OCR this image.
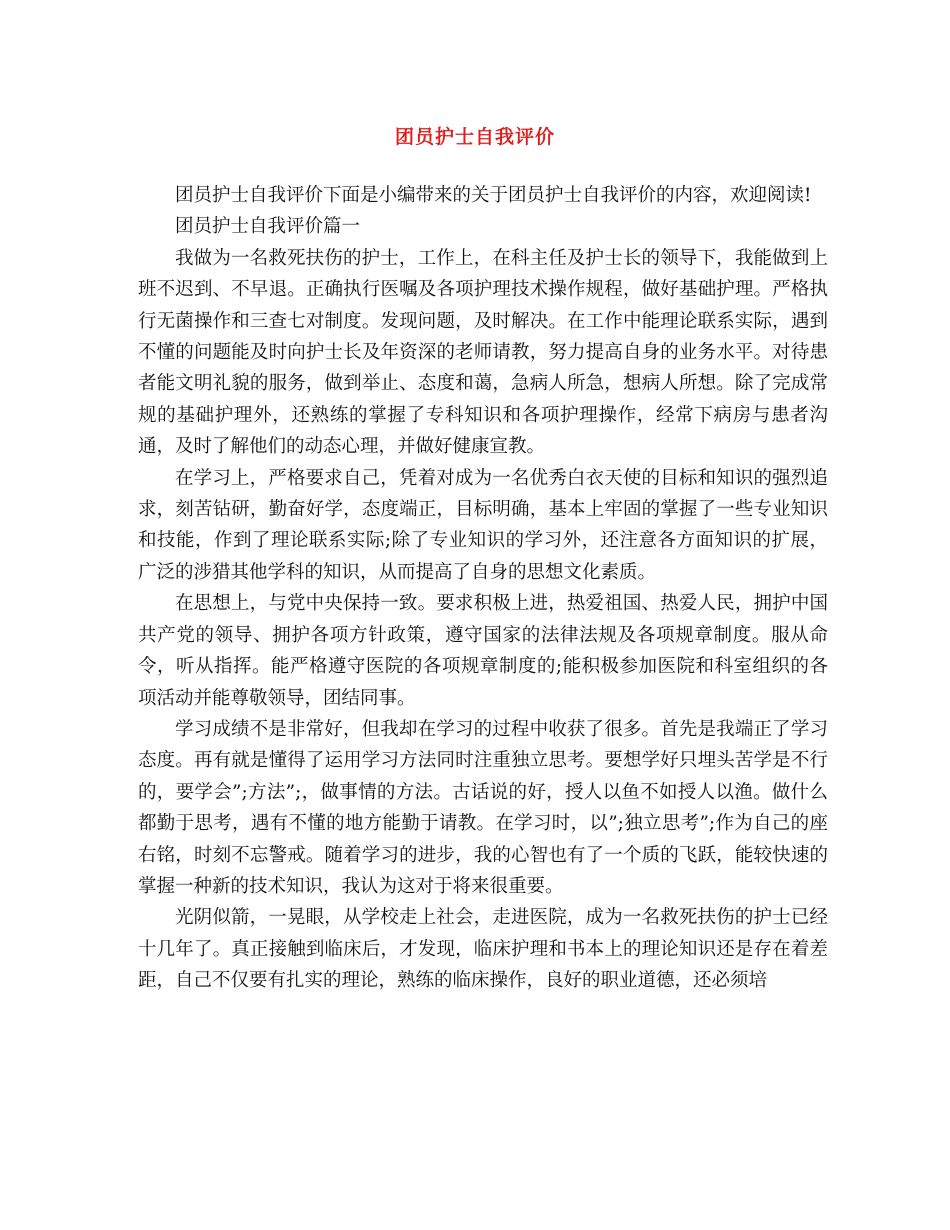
团员护士自我评价

团员护士自我评价下面是小编带来的关于团员护士自我评价的内容，欢迎阅读!

团员护士自我评价篇一

我做为一名救死扶伤的护士，工作上，在科主任及护士长的领导下，我能做到上班不迟到、不早退。正确执行医嘱及各项护理技术操作规程，做好基础护理。严格执行无菌操作和三查七对制度。发现问题，及时解决。在工作中能理论联系实际，遇到不懂的问题能及时向护士长及年资深的老师请教，努力提高自身的业务水平。对待患者能文明礼貌的服务，做到举止、态度和蔼，急病人所急，想病人所想。除了完成常规的基础护理外，还熟练的掌握了专科知识和各项护理操作，经常下病房与患者沟通，及时了解他们的动态心理，并做好健康宣教。

在学习上，严格要求自己，凭着对成为一名优秀白衣天使的目标和知识的强烈追求，刻苦钻研，勤奋好学，态度端正，目标明确，基本上牢固的掌握了一些专业知识和技能，作到了理论联系实际;除了专业知识的学习外，还注意各方面知识的扩展，广泛的涉猎其他学科的知识，从而提高了自身的思想文化素质。

在思想上，与党中央保持一致。要求积极上进，热爱祖国、热爱人民，拥护中国共产党的领导、拥护各项方针政策，遵守国家的法律法规及各项规章制度。服从命令，听从指挥。能严格遵守医院的各项规章制度的;能积极参加医院和科室组织的各项活动并能尊敬领导，团结同事。

学习成绩不是非常好，但我却在学习的过程中收获了很多。首先是我端正了学习态度。再有就是懂得了运用学习方法同时注重独立思考。要想学好只埋头苦学是不行的，要学会”;方法”;，做事情的方法。古话说的好，授人以鱼不如授人以渔。做什么都勤于思考，遇有不懂的地方能勤于请教。在学习时，以”;独立思考”;作为自己的座右铭，时刻不忘警戒。随着学习的进步，我的心智也有了一个质的飞跃，能较快速的掌握一种新的技术知识，我认为这对于将来很重要。

光阴似箭，一晃眼，从学校走上社会，走进医院，成为一名救死扶伤的护士已经十几年了。真正接触到临床后，才发现，临床护理和书本上的理论知识还是存在着差距，自己不仅要有扎实的理论，熟练的临床操作，良好的职业道德，还必须培
